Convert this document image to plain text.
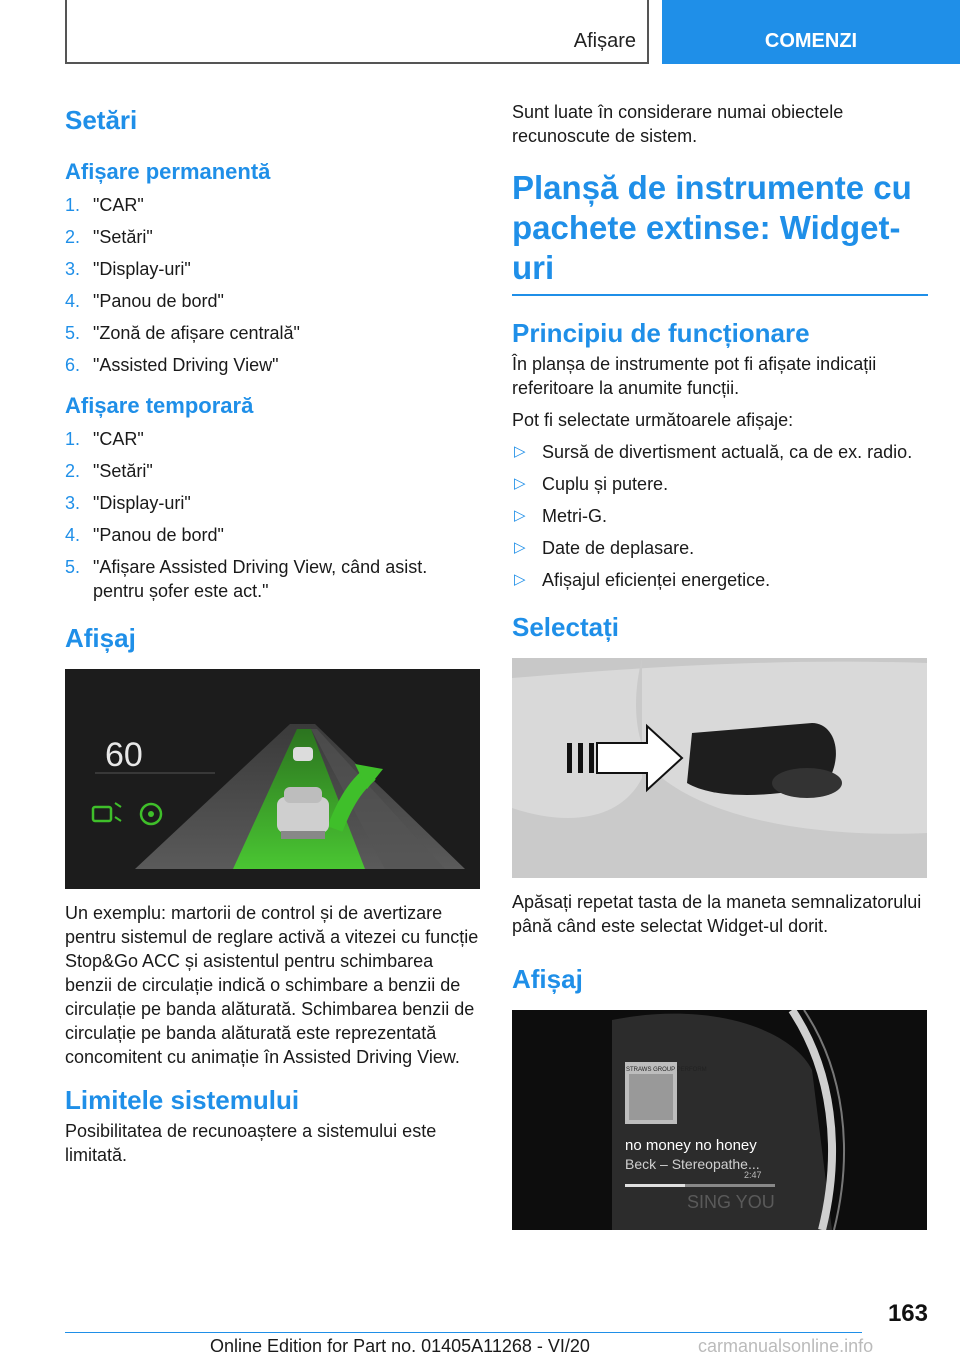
Afișare	COMENZI
Setări
Afișare permanentă
1. "CAR"
2. "Setări"
3. "Display-uri"
4. "Panou de bord"
5. "Zonă de afișare centrală"
6. "Assisted Driving View"
Afișare temporară
1. "CAR"
2. "Setări"
3. "Display-uri"
4. "Panou de bord"
5. "Afișare Assisted Driving View, când asist. pentru șofer este act."
Afișaj
60

Un exemplu: martorii de control și de avertizare pentru sistemul de reglare activă a vitezei cu funcție Stop&Go ACC și asistentul pentru schimbarea benzii de circulație indică o schimbare a benzii de circulație pe banda alăturată. Schimbarea benzii de circulație pe banda alăturată este reprezentată concomitent cu animație în Assisted Driving View.

Limitele sistemului

Posibilitatea de recunoaștere a sistemului este limitată.

Sunt luate în considerare numai obiectele recunoscute de sistem.

Planșă de instrumente cu pachete extinse: Widget-uri
Principiu de funcționare

În planșa de instrumente pot fi afișate indicații referitoare la anumite funcții.

Pot fi selectate următoarele afișaje:

▷ Sursă de divertisment actuală, ca de ex. radio.
▷ Cuplu și putere.
▷ Metri-G.
▷ Date de deplasare.
▷ Afișajul eficienței energetice.
Selectați

Apăsați repetat tasta de la maneta semnalizatorului până când este selectat Widget-ul dorit.

Afișaj
STRAWS GROUP PERFORM
no money no honey
Beck – Stereopathe...
2:47
SING YOU
163
Online Edition for Part no. 01405A11268 - VI/20	carmanualsonline.info
